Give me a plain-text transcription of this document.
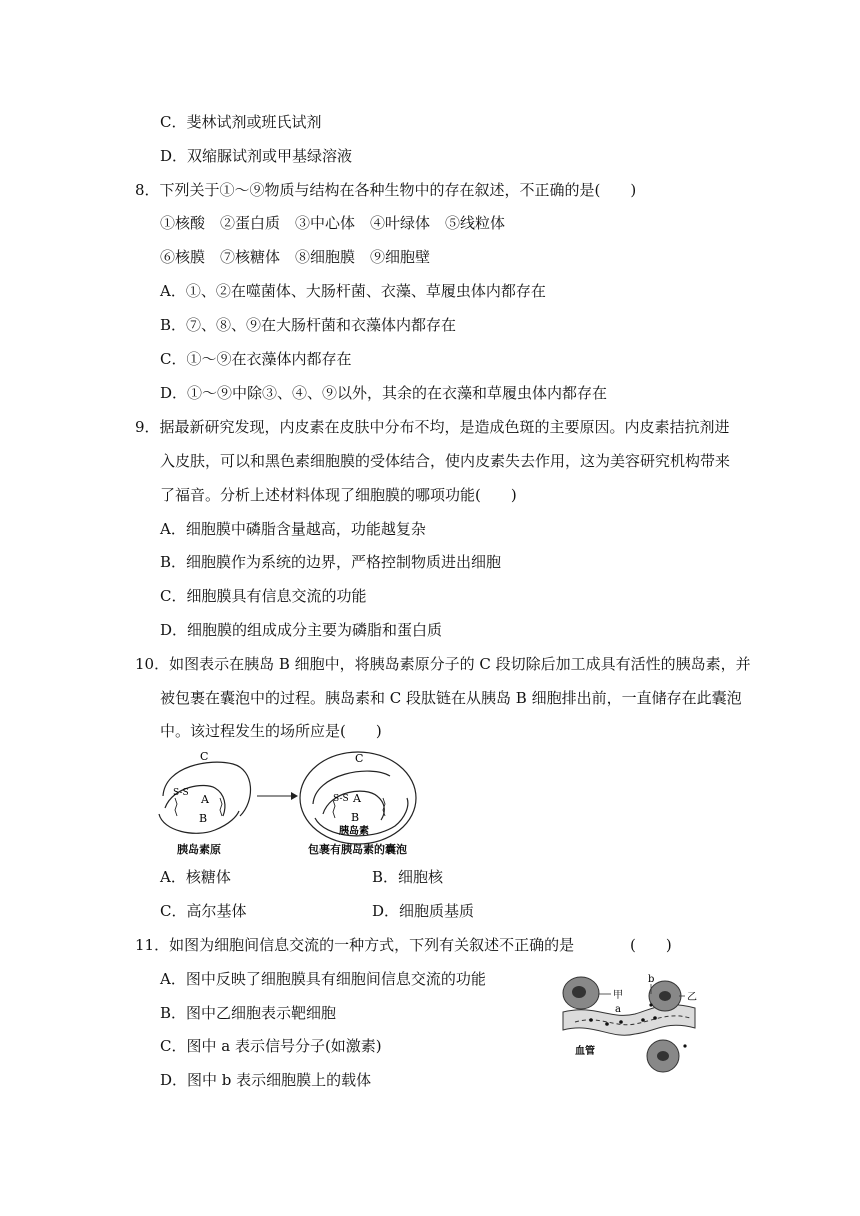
C．斐林试剂或班氏试剂
D．双缩脲试剂或甲基绿溶液
8．下列关于①～⑨物质与结构在各种生物中的存在叙述，不正确的是(　　)
①核酸　②蛋白质　③中心体　④叶绿体　⑤线粒体
⑥核膜　⑦核糖体　⑧细胞膜　⑨细胞壁
A．①、②在噬菌体、大肠杆菌、衣藻、草履虫体内都存在
B．⑦、⑧、⑨在大肠杆菌和衣藻体内都存在
C．①～⑨在衣藻体内都存在
D．①～⑨中除③、④、⑨以外，其余的在衣藻和草履虫体内都存在
9．据最新研究发现，内皮素在皮肤中分布不均，是造成色斑的主要原因。内皮素拮抗剂进
入皮肤，可以和黑色素细胞膜的受体结合，使内皮素失去作用，这为美容研究机构带来
了福音。分析上述材料体现了细胞膜的哪项功能(　　)
A．细胞膜中磷脂含量越高，功能越复杂
B．细胞膜作为系统的边界，严格控制物质进出细胞
C．细胞膜具有信息交流的功能
D．细胞膜的组成成分主要为磷脂和蛋白质
10．如图表示在胰岛 B 细胞中，将胰岛素原分子的 C 段切除后加工成具有活性的胰岛素，并
被包裹在囊泡中的过程。胰岛素和 C 段肽链在从胰岛 B 细胞排出前，一直储存在此囊泡
中。该过程发生的场所应是(　　)
C
S-S A
B
C
S-S A
B
胰岛素
胰岛素原	包裹有胰岛素的囊泡
A．核糖体	B．细胞核
C．高尔基体	D．细胞质基质
11．如图为细胞间信息交流的一种方式，下列有关叙述不正确的是	(　　)
A．图中反映了细胞膜具有细胞间信息交流的功能
B．图中乙细胞表示靶细胞
C．图中 a 表示信号分子(如激素)
D．图中 b 表示细胞膜上的载体
甲
a
b
乙
血管
